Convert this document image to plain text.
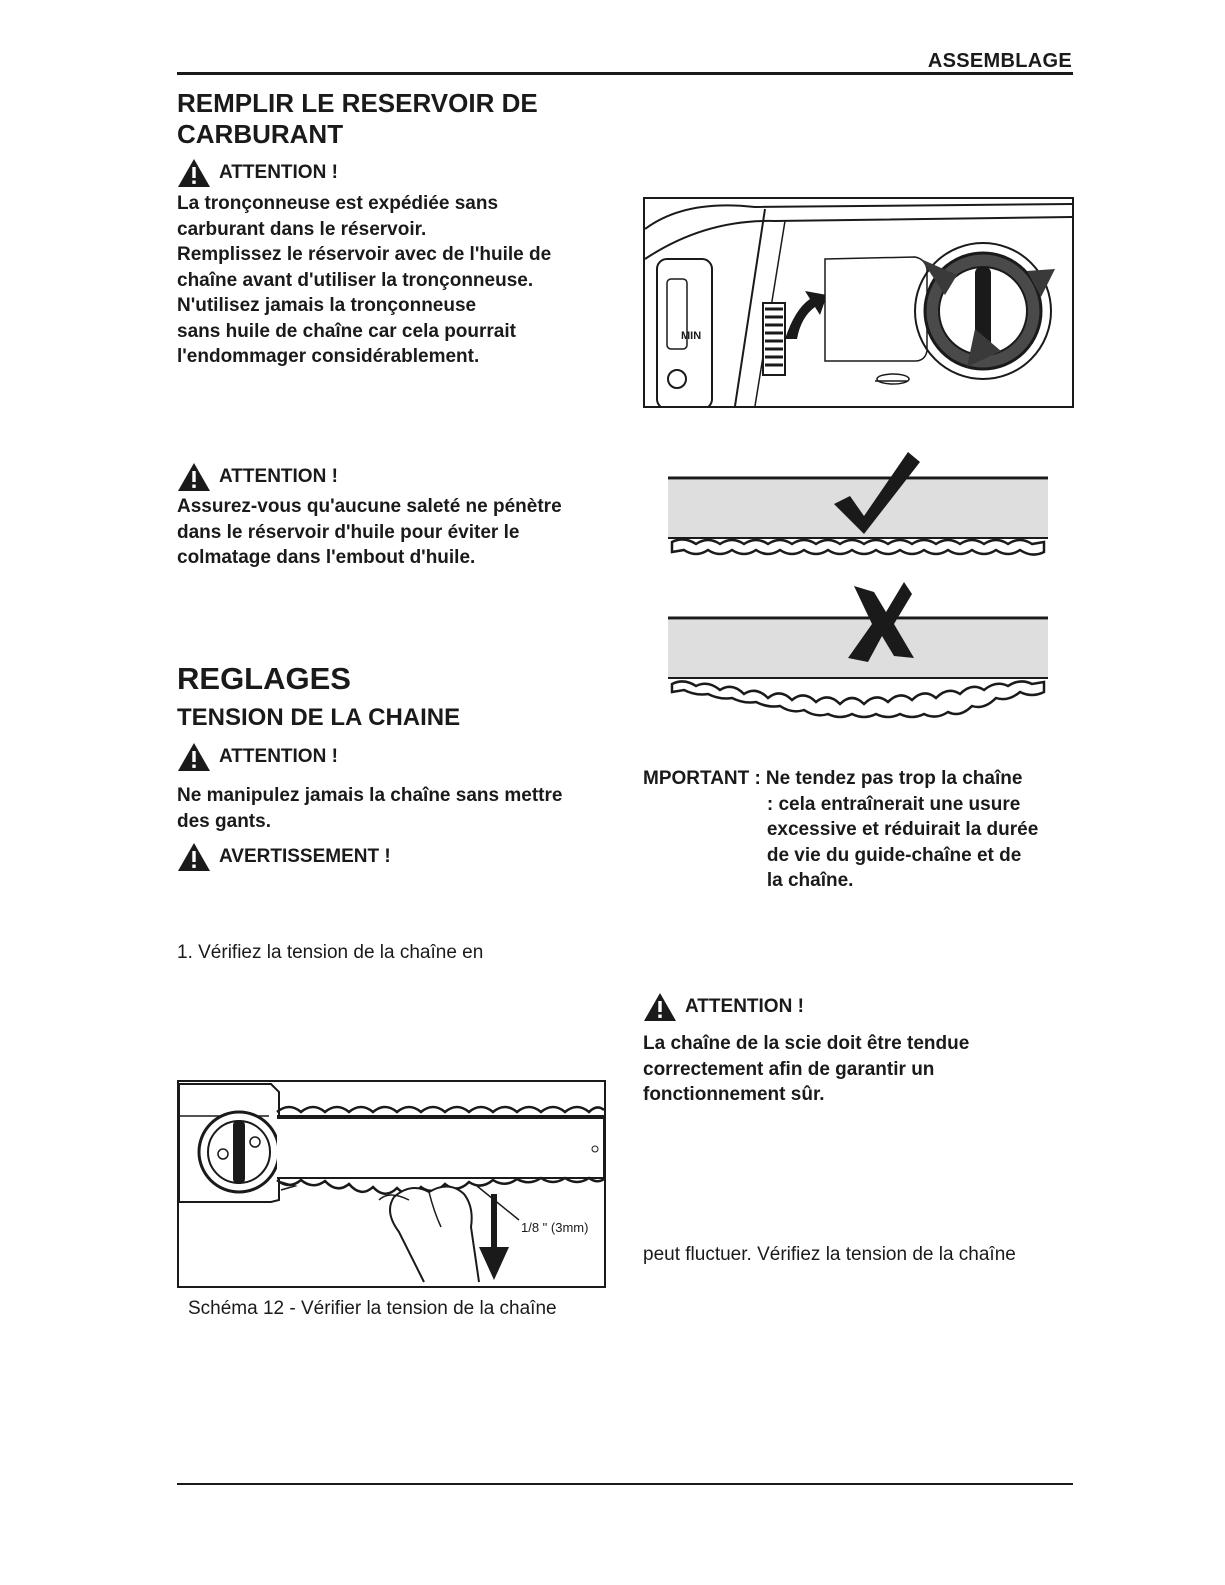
ASSEMBLAGE
REMPLIR LE RESERVOIR DE
CARBURANT
ATTENTION !
La tronçonneuse est expédiée sans
carburant dans le réservoir.
Remplissez le réservoir avec de l'huile de
chaîne avant d'utiliser la tronçonneuse.
N'utilisez jamais la tronçonneuse
sans huile de chaîne car cela pourrait
l'endommager considérablement.
ATTENTION !
Assurez-vous qu'aucune saleté ne pénètre
dans le réservoir d'huile pour éviter le
colmatage dans l'embout d'huile.
REGLAGES
TENSION DE LA CHAINE
ATTENTION !
Ne manipulez jamais la chaîne sans mettre
des gants.
AVERTISSEMENT !
1. Vérifiez la tension de la chaîne en
1/8 " (3mm)
Schéma 12 - Vérifier la tension de la chaîne
MIN
MPORTANT : Ne tendez pas trop la chaîne
: cela entraînerait une usure
excessive et réduirait la durée
de vie du guide-chaîne et de
la chaîne.
ATTENTION !
La chaîne de la scie doit être tendue
correctement afin de garantir un
fonctionnement sûr.
peut fluctuer. Vérifiez la tension de la chaîne
